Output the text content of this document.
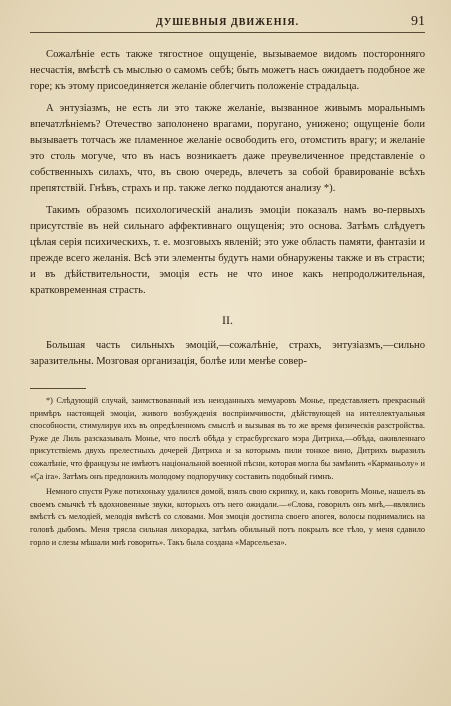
ДУШЕВНЫЯ ДВИЖЕНІЯ.	91

Сожалѣніе есть также тягостное ощущеніе, вызываемое видомъ посторонняго несчастія, вмѣстѣ съ мыслью о самомъ себѣ; быть можетъ насъ ожидаетъ подобное же горе; къ этому присоединяется желаніе облегчить положеніе страдальца.

А энтузіазмъ, не есть ли это также желаніе, вызванное живымъ моральнымъ впечатлѣніемъ? Отечество заполонено врагами, поругано, унижено; ощущеніе боли вызываетъ тотчасъ же пламенное желаніе освободить его, отомстить врагу; и желаніе это столь могуче, что въ насъ возникаетъ даже преувеличенное представленіе о собственныхъ силахъ, что, въ свою очередь, влечетъ за собой бравированіе всѣхъ препятствій. Гнѣвъ, страхъ и пр. также легко поддаются анализу *).

Такимъ образомъ психологическій анализъ эмоціи показалъ намъ во-первыхъ присутствіе въ ней сильнаго аффективнаго ощущенія; это основа. Затѣмъ слѣдуетъ цѣлая серія психическихъ, т. е. мозговыхъ явленій; это уже область памяти, фантазіи и прежде всего желанія. Всѣ эти элементы будутъ нами обнаружены также и въ страсти; и въ дѣйствительности, эмоція есть не что иное какъ непродолжительная, кратковременная страсть.

II.

Большая часть сильныхъ эмоцій,—сожалѣніе, страхъ, энтузіазмъ,—сильно заразительны. Мозговая организація, болѣе или менѣе совер-

*) Слѣдующій случай, заимствованный изъ неизданныхъ мемуаровъ Монье, представляетъ прекрасный примѣръ настоящей эмоціи, живого возбужденія воспріимчивости, дѣйствующей на интеллектуальныя способности, стимулируя ихъ въ опредѣленномъ смыслѣ и вызывая въ то же время физическія разстройства. Руже де Лиль разсказывалъ Монье, что послѣ обѣда у страсбургскаго мэра Дитриха,—обѣда, оживленнаго присутствіемъ двухъ прелестныхъ дочерей Дитриха и за которымъ пили тонкое вино, Дитрихъ выразилъ сожалѣніе, что французы не имѣютъ національной военной пѣсни, которая могла бы замѣнить «Карманьолу» и «Ça ira». Затѣмъ онъ предложилъ молодому подпоручику составить подобный гимнъ.

Немного спустя Руже потихоньку удалился домой, взялъ свою скрипку, и, какъ говорить Монье, нашелъ въ своемъ смычкѣ тѣ вдохновенные звуки, которыхъ отъ него ожидали.—«Слова, говорилъ онъ мнѣ,—являлись вмѣстѣ съ мелодіей, мелодія вмѣстѣ со словами. Моя эмоція достигла своего апогея, волосы поднимались на головѣ дыбомъ. Меня трясла сильная лихорадка, затѣмъ обильный потъ покрылъ все тѣло, у меня сдавило горло и слезы мѣшали мнѣ говорить». Такъ была создана «Марсельеза».
